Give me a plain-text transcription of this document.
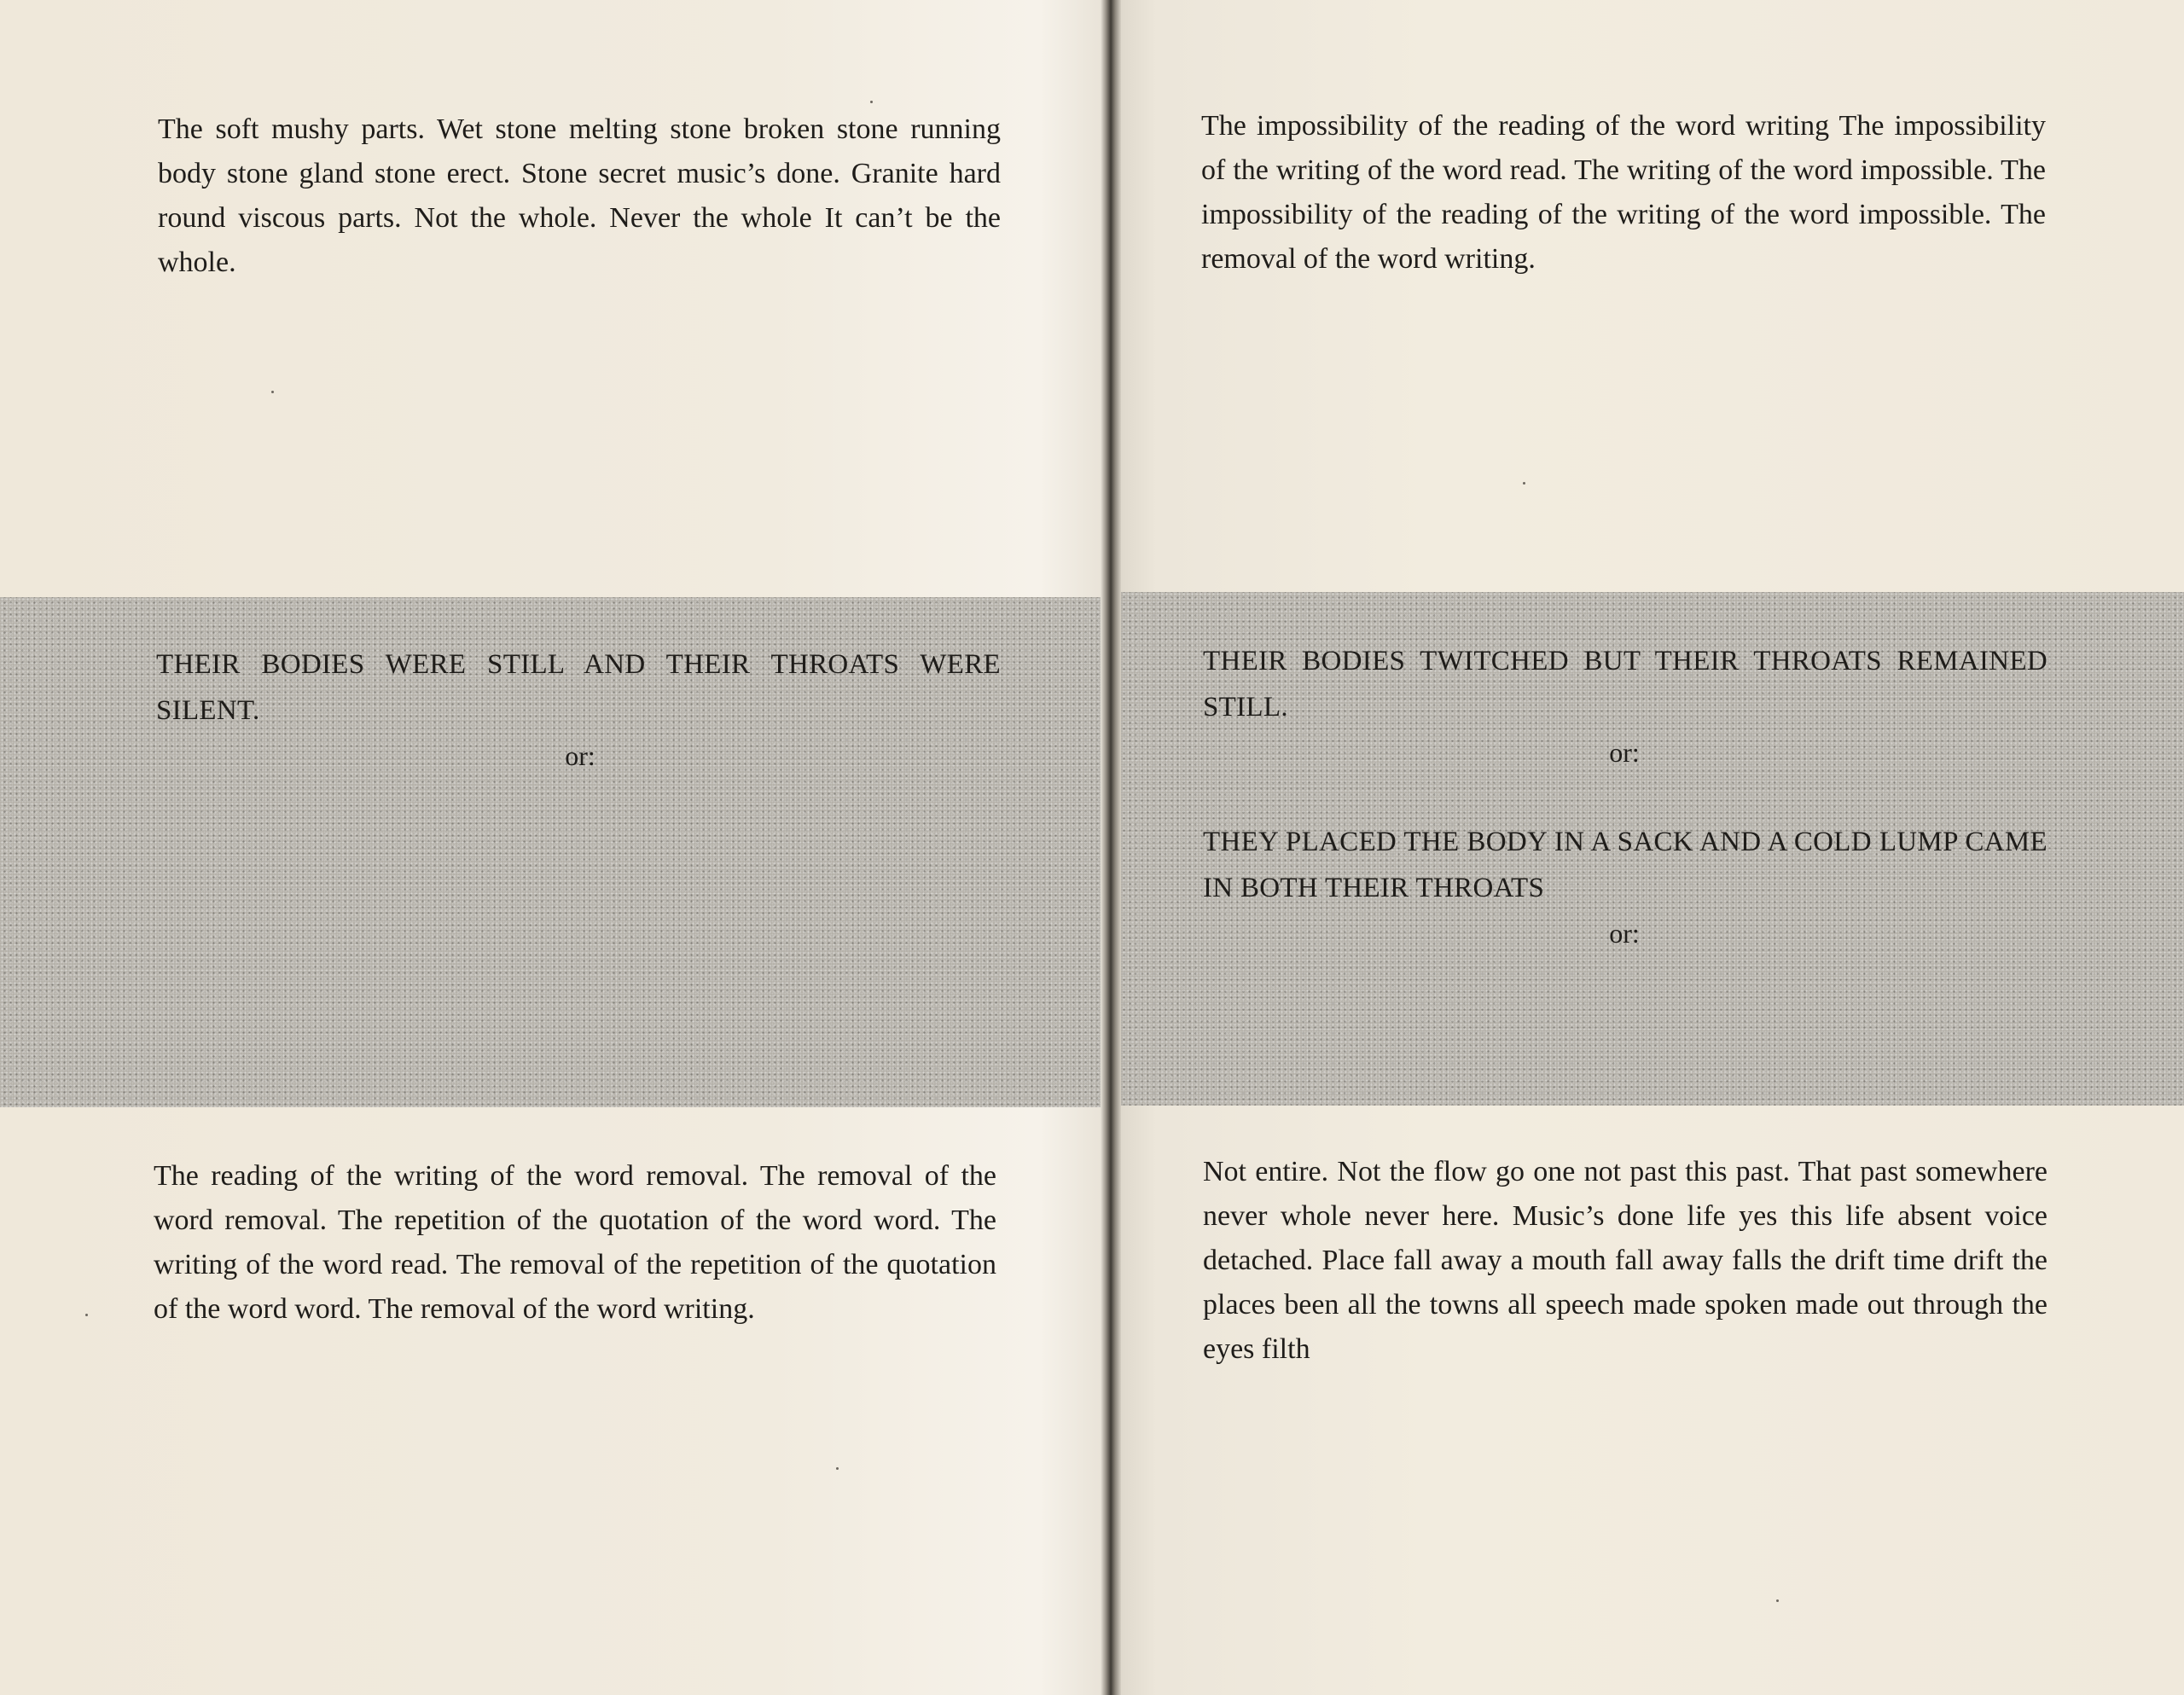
The soft mushy parts. Wet stone melting stone broken stone running body stone gland stone erect. Stone secret music’s done. Granite hard round viscous parts. Not the whole. Never the whole It can’t be the whole.

THEIR BODIES WERE STILL AND THEIR THROATS WERE SILENT.

or:

The reading of the writing of the word removal. The removal of the word removal. The repetition of the quotation of the word word. The writing of the word read. The removal of the repetition of the quotation of the word word. The removal of the word writing.

The impossibility of the reading of the word writing The impossibility of the writing of the word read. The writing of the word impossible. The impossibility of the reading of the writing of the word impossible. The removal of the word writing.

THEIR BODIES TWITCHED BUT THEIR THROATS REMAINED STILL.

or:

THEY PLACED THE BODY IN A SACK AND A COLD LUMP CAME IN BOTH THEIR THROATS

or:

Not entire. Not the flow go one not past this past. That past somewhere never whole never here. Music’s done life yes this life absent voice detached. Place fall away a mouth fall away falls the drift time drift the places been all the towns all speech made spoken made out through the eyes filth
